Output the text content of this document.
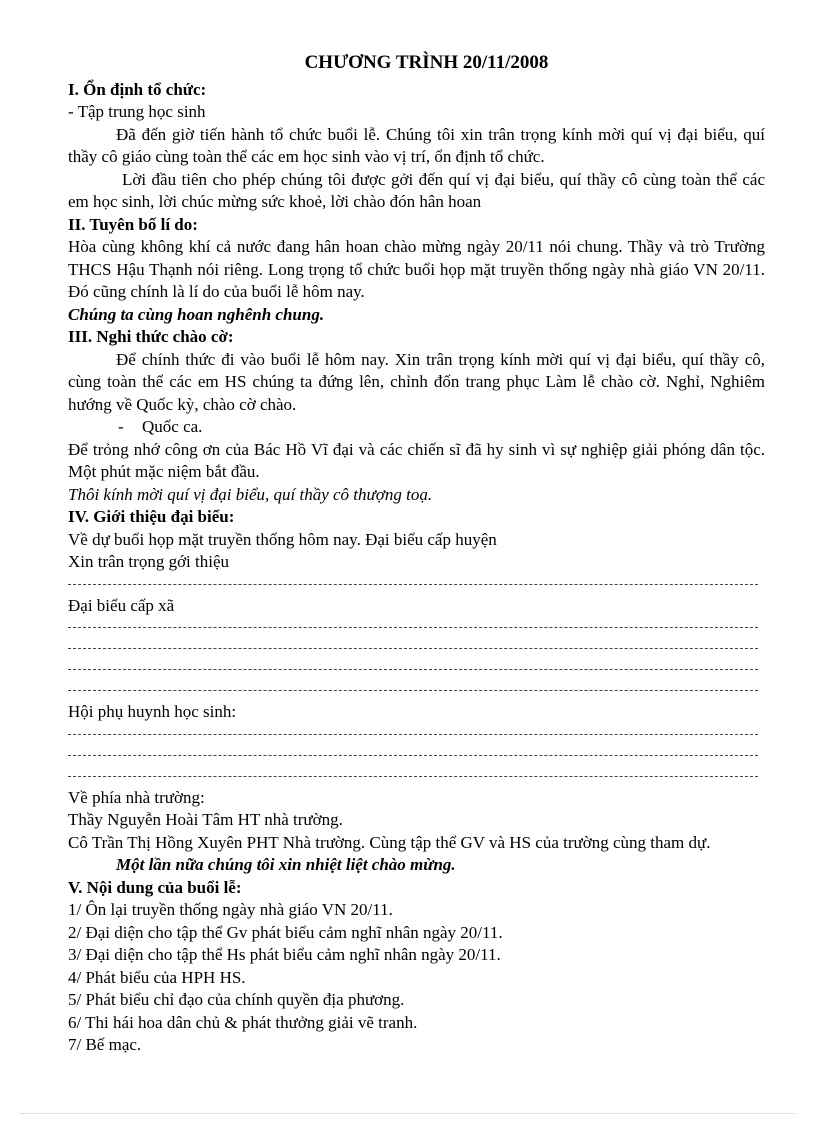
CHƯƠNG TRÌNH 20/11/2008

I. Ổn định tổ chức:

- Tập trung học sinh

Đã đến giờ tiến hành tổ chức buổi lễ. Chúng tôi xin trân trọng kính mời quí vị đại biểu, quí thầy cô giáo cùng toàn thể các em học sinh vào vị trí, ổn định tổ chức.

Lời đầu tiên cho phép chúng tôi được gởi đến quí vị đại biểu, quí thầy cô cùng toàn thể các em học sinh, lời chúc mừng sức khoẻ, lời chào đón hân hoan

II. Tuyên bố lí do:

Hòa cùng không khí cả nước đang hân hoan chào mừng ngày 20/11 nói chung. Thầy và trò Trường THCS Hậu Thạnh nói riêng. Long trọng tổ chức buổi họp mặt truyền thống ngày nhà giáo VN 20/11. Đó cũng chính là lí do của buổi lễ hôm nay.

Chúng ta cùng hoan nghênh chung.

III. Nghi thức chào cờ:

Để chính thức đi vào buổi lễ hôm nay. Xin trân trọng kính mời quí vị đại biểu, quí thầy cô, cùng toàn thể các em HS chúng ta đứng lên, chỉnh đốn trang phục Làm lễ chào cờ. Nghỉ, Nghiêm hướng về Quốc kỳ, chào cờ chào.

- Quốc ca.

Để trỏng nhớ công ơn của Bác Hồ Vĩ đại và các chiến sĩ đã hy sinh vì sự nghiệp giải phóng dân tộc. Một phút mặc niệm bắt đầu.

Thôi kính mời quí vị đại biểu, quí thầy cô thượng toạ.

IV. Giới thiệu đại biểu:

Về dự buổi họp mặt truyền thống hôm nay. Đại biểu cấp huyện

Xin trân trọng gới thiệu

Đại biểu cấp xã

Hội phụ huynh học sinh:

Về phía nhà trường:

Thầy Nguyễn Hoài Tâm HT nhà trường.

Cô Trần Thị Hồng Xuyên PHT Nhà trường. Cùng tập thể GV và HS của trường cùng tham dự.

Một lần nữa chúng tôi xin nhiệt liệt chào mừng.

V. Nội dung của buổi lễ:

1/ Ôn lại truyền thống ngày nhà giáo VN 20/11.
2/ Đại diện cho tập thể Gv phát biểu cảm nghĩ nhân ngày 20/11.
3/ Đại diện cho tập thể Hs phát biểu cảm nghĩ nhân ngày 20/11.
4/ Phát biểu của HPH HS.
5/ Phát biểu chỉ đạo của chính quyền địa phương.
6/ Thi hái hoa dân chủ & phát thưởng giải vẽ tranh.
7/ Bế mạc.
